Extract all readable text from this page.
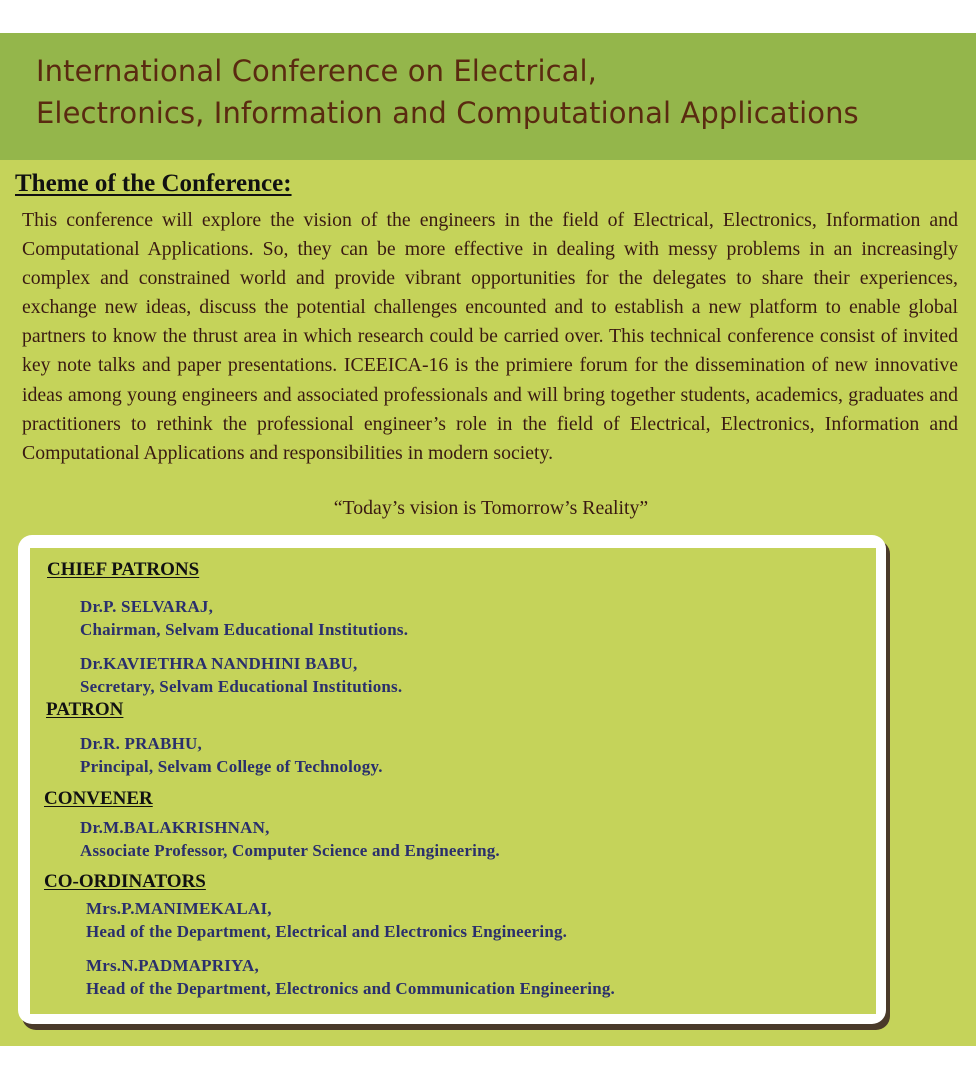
International Conference on Electrical,
Electronics, Information and Computational Applications
Theme of the Conference:

This conference will explore the vision of the engineers in the field of Electrical, Electronics, Information and Computational Applications. So, they can be more effective in dealing with messy problems in an increasingly complex and constrained world and provide vibrant opportunities for the delegates to share their experiences, exchange new ideas, discuss the potential challenges encounted and to establish a new platform to enable global partners to know the thrust area in which research could be carried over. This technical conference consist of invited key note talks and paper presentations. ICEEICA-16 is the primiere forum for the dissemination of new innovative ideas among young engineers and associated professionals and will bring together students, academics, graduates and practitioners to rethink the professional engineer’s role in the field of Electrical, Electronics, Information and Computational Applications and responsibilities in modern society.

“Today’s vision is Tomorrow’s Reality”

CHIEF PATRONS

Dr.P. SELVARAJ,
Chairman, Selvam Educational Institutions.

Dr.KAVIETHRA NANDHINI BABU,
Secretary, Selvam Educational Institutions.

PATRON

Dr.R. PRABHU,
Principal, Selvam College of Technology.

CONVENER

Dr.M.BALAKRISHNAN,
Associate Professor, Computer Science and Engineering.

CO-ORDINATORS

Mrs.P.MANIMEKALAI,
Head of the Department, Electrical and Electronics Engineering.

Mrs.N.PADMAPRIYA,
Head of the Department, Electronics and Communication Engineering.
